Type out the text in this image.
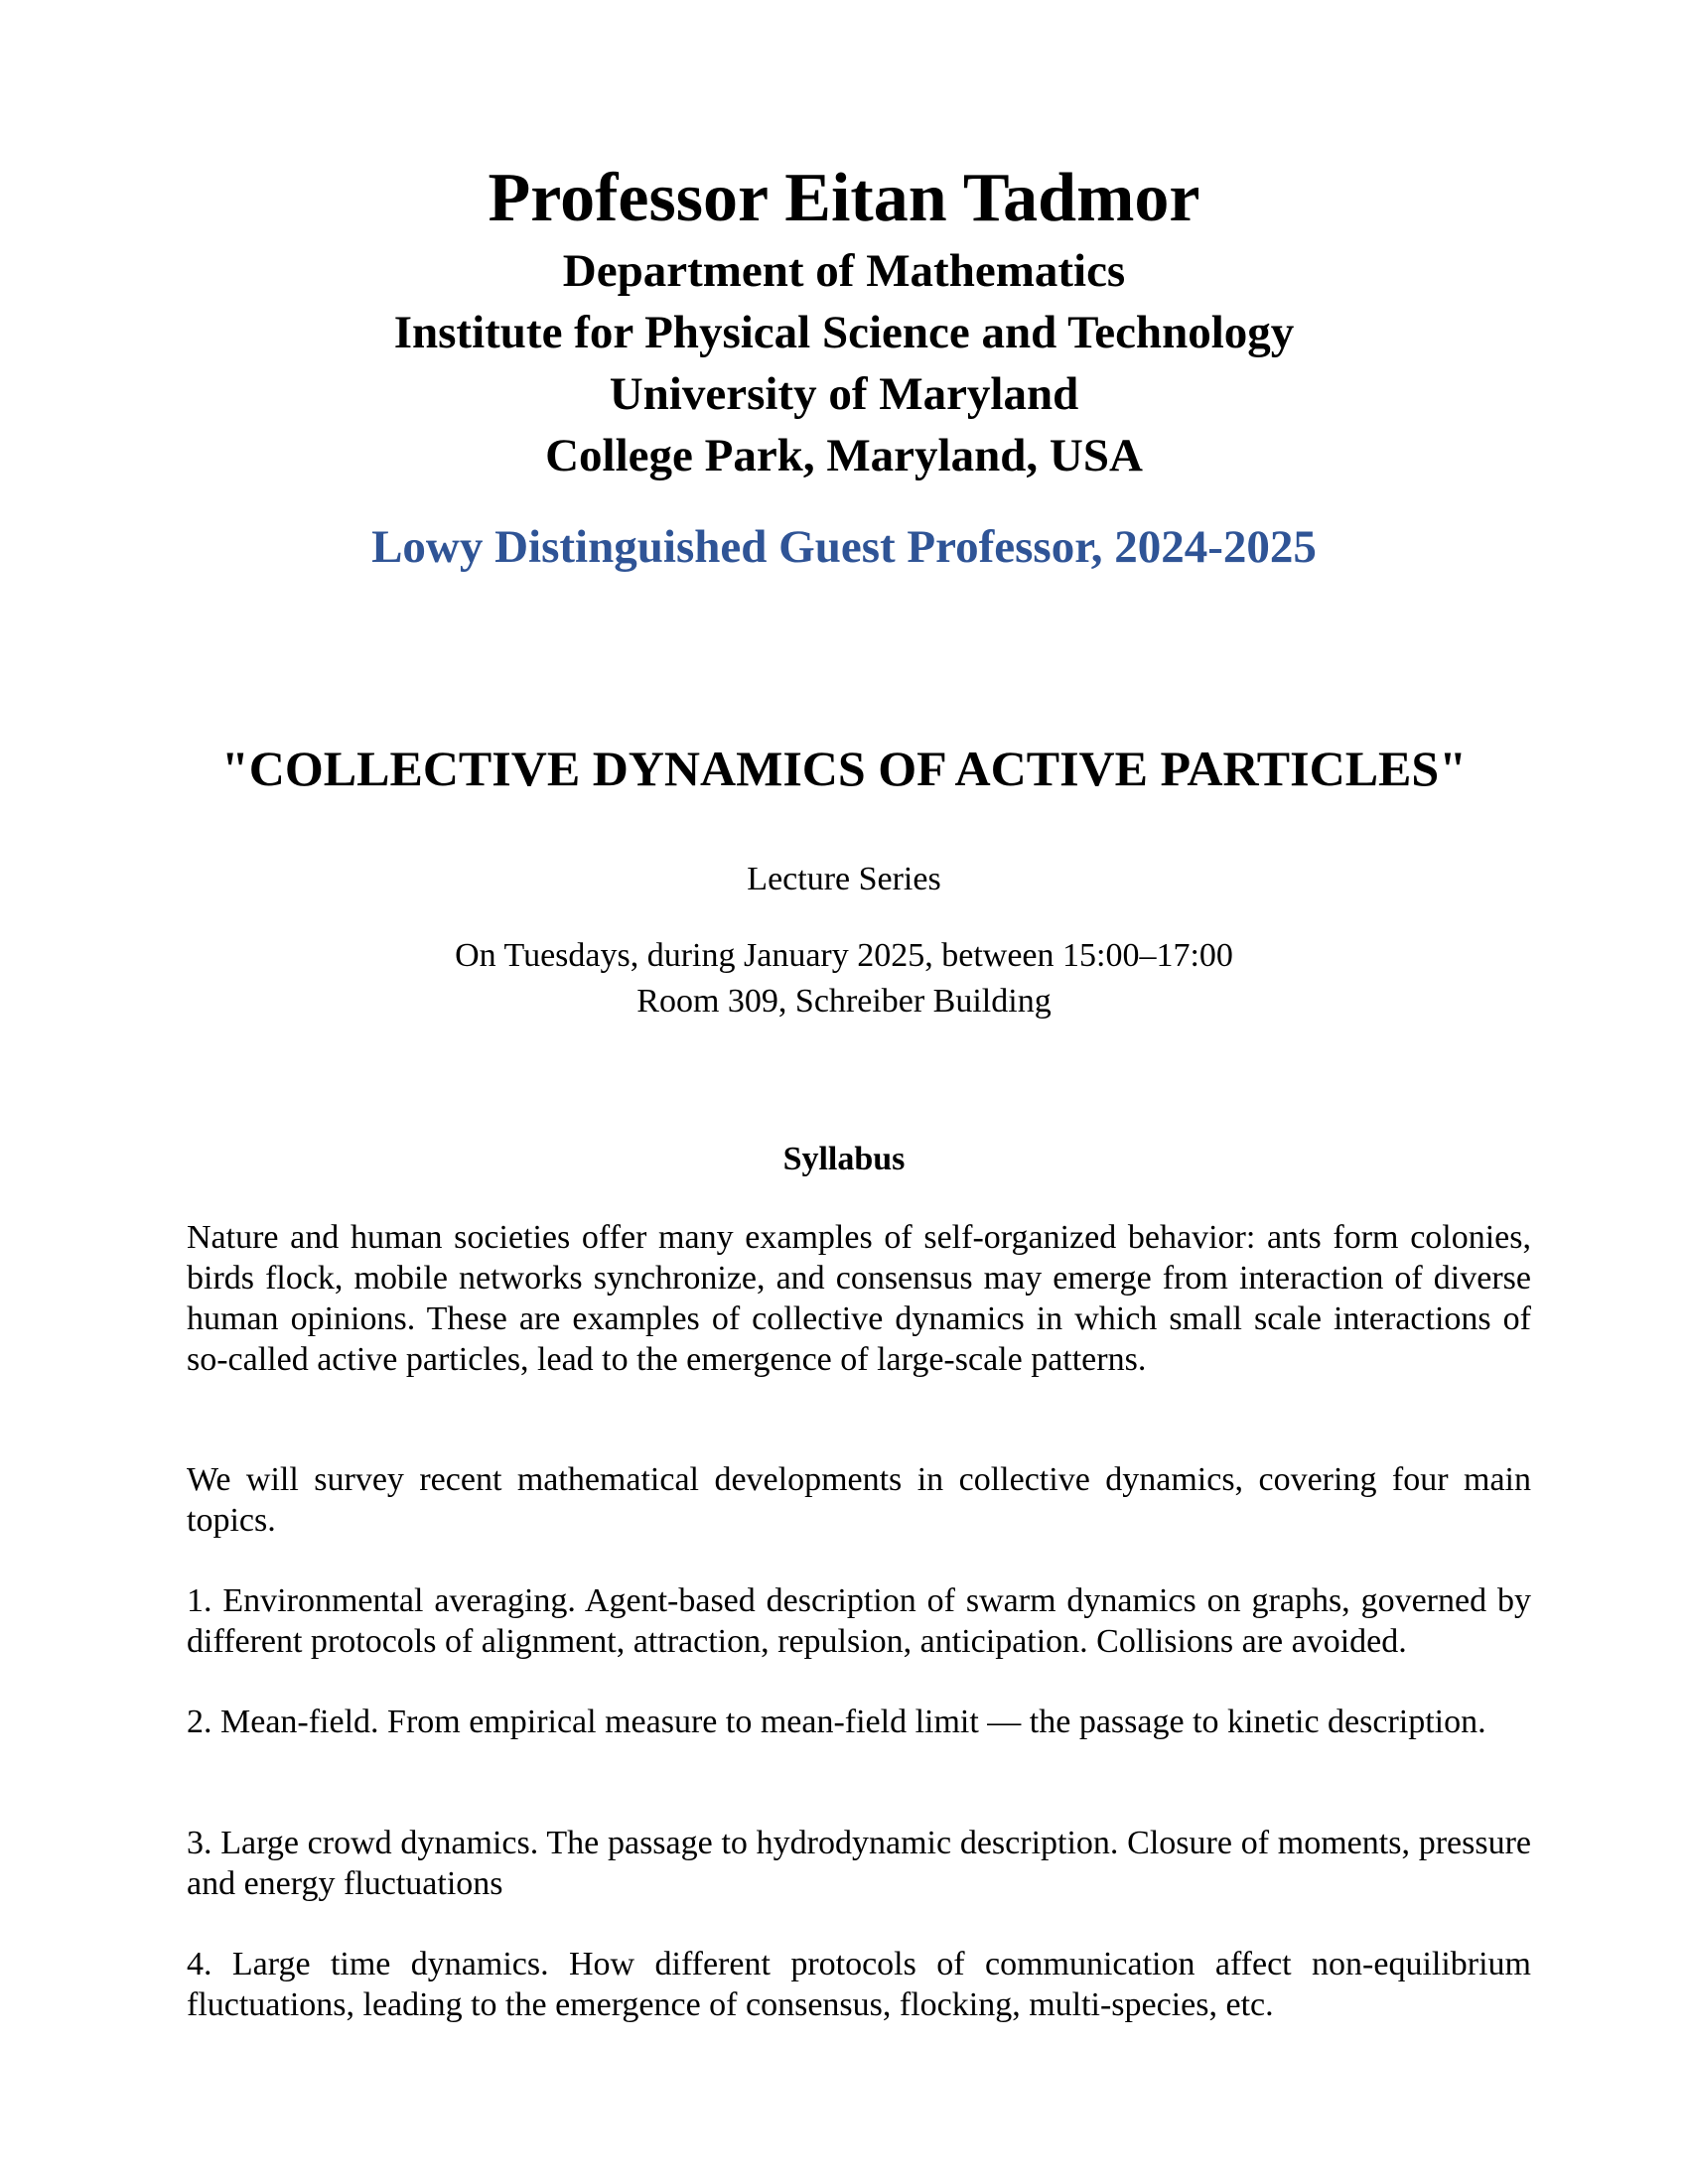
Professor Eitan Tadmor
Department of Mathematics
Institute for Physical Science and Technology
University of Maryland
College Park, Maryland, USA
Lowy Distinguished Guest Professor, 2024-2025
"COLLECTIVE DYNAMICS OF ACTIVE PARTICLES"
Lecture Series
On Tuesdays, during January 2025, between 15:00–17:00
Room 309, Schreiber Building
Syllabus

Nature and human societies offer many examples of self-organized behavior: ants form colonies, birds flock, mobile networks synchronize, and consensus may emerge from interaction of diverse human opinions. These are examples of collective dynamics in which small scale interactions of so-called active particles, lead to the emergence of large-scale patterns.

We will survey recent mathematical developments in collective dynamics, covering four main topics.

1. Environmental averaging. Agent-based description of swarm dynamics on graphs, governed by different protocols of alignment, attraction, repulsion, anticipation. Collisions are avoided.

2. Mean-field. From empirical measure to mean-field limit — the passage to kinetic description.

3. Large crowd dynamics. The passage to hydrodynamic description. Closure of moments, pressure and energy fluctuations

4. Large time dynamics. How different protocols of communication affect non-equilibrium fluctuations, leading to the emergence of consensus, flocking, multi-species, etc.
